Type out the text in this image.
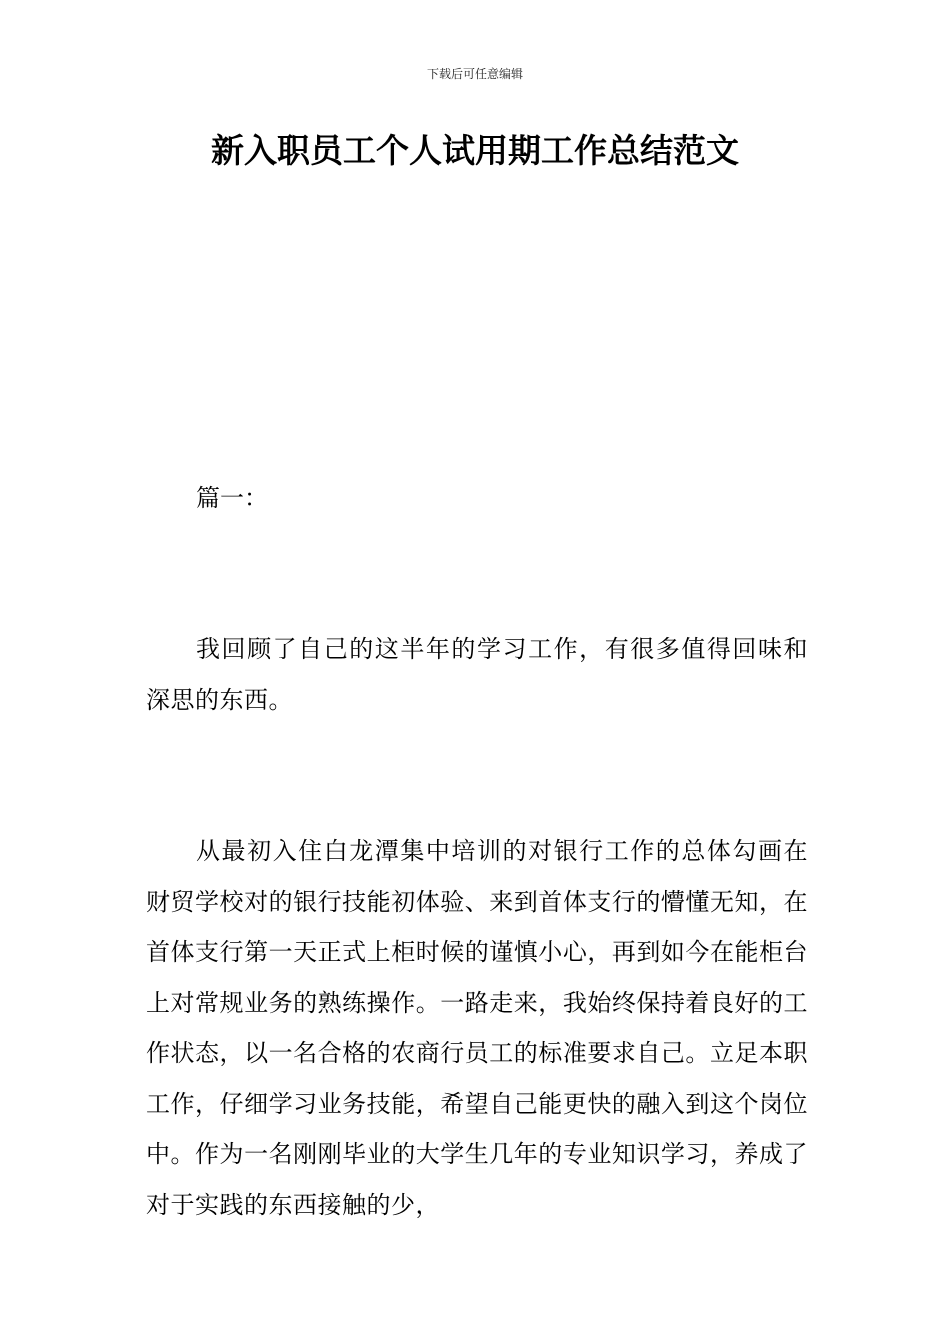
下载后可任意编辑
新入职员工个人试用期工作总结范文

篇一：

我回顾了自己的这半年的学习工作，有很多值得回味和深思的东西。

从最初入住白龙潭集中培训的对银行工作的总体勾画在财贸学校对的银行技能初体验、来到首体支行的懵懂无知，在首体支行第一天正式上柜时候的谨慎小心，再到如今在能柜台上对常规业务的熟练操作。一路走来，我始终保持着良好的工作状态，以一名合格的农商行员工的标准要求自己。立足本职工作，仔细学习业务技能，希望自己能更快的融入到这个岗位中。作为一名刚刚毕业的大学生几年的专业知识学习，养成了对于实践的东西接触的少，
